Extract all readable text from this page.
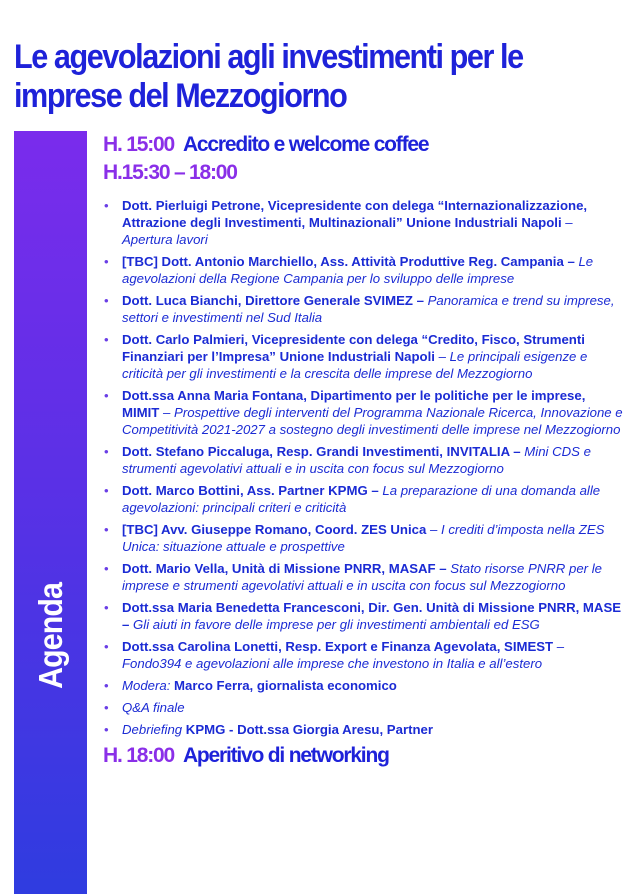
Le agevolazioni agli investimenti per le imprese del Mezzogiorno
Agenda
H. 15:00 Accredito e welcome coffee
H.15:30 – 18:00
• Dott. Pierluigi Petrone, Vicepresidente con delega “Internazionalizzazione, Attrazione degli Investimenti, Multinazionali” Unione Industriali Napoli – Apertura lavori
• [TBC] Dott. Antonio Marchiello, Ass. Attività Produttive Reg. Campania – Le agevolazioni della Regione Campania per lo sviluppo delle imprese
• Dott. Luca Bianchi, Direttore Generale SVIMEZ – Panoramica e trend su imprese, settori e investimenti nel Sud Italia
• Dott. Carlo Palmieri, Vicepresidente con delega “Credito, Fisco, Strumenti Finanziari per l’Impresa” Unione Industriali Napoli – Le principali esigenze e criticità per gli investimenti e la crescita delle imprese del Mezzogiorno
• Dott.ssa Anna Maria Fontana, Dipartimento per le politiche per le imprese, MIMIT – Prospettive degli interventi del Programma Nazionale Ricerca, Innovazione e Competitività 2021-2027 a sostegno degli investimenti delle imprese nel Mezzogiorno
• Dott. Stefano Piccaluga, Resp. Grandi Investimenti, INVITALIA – Mini CDS e strumenti agevolativi attuali e in uscita con focus sul Mezzogiorno
• Dott. Marco Bottini, Ass. Partner KPMG – La preparazione di una domanda alle agevolazioni: principali criteri e criticità
• [TBC] Avv. Giuseppe Romano, Coord. ZES Unica – I crediti d’imposta nella ZES Unica: situazione attuale e prospettive
• Dott. Mario Vella, Unità di Missione PNRR, MASAF – Stato risorse PNRR per le imprese e strumenti agevolativi attuali e in uscita con focus sul Mezzogiorno
• Dott.ssa Maria Benedetta Francesconi, Dir. Gen. Unità di Missione PNRR, MASE – Gli aiuti in favore delle imprese per gli investimenti ambientali ed ESG
• Dott.ssa Carolina Lonetti, Resp. Export e Finanza Agevolata, SIMEST – Fondo394 e agevolazioni alle imprese che investono in Italia e all’estero
• Modera: Marco Ferra, giornalista economico
• Q&A finale
• Debriefing KPMG - Dott.ssa Giorgia Aresu, Partner
H. 18:00 Aperitivo di networking
